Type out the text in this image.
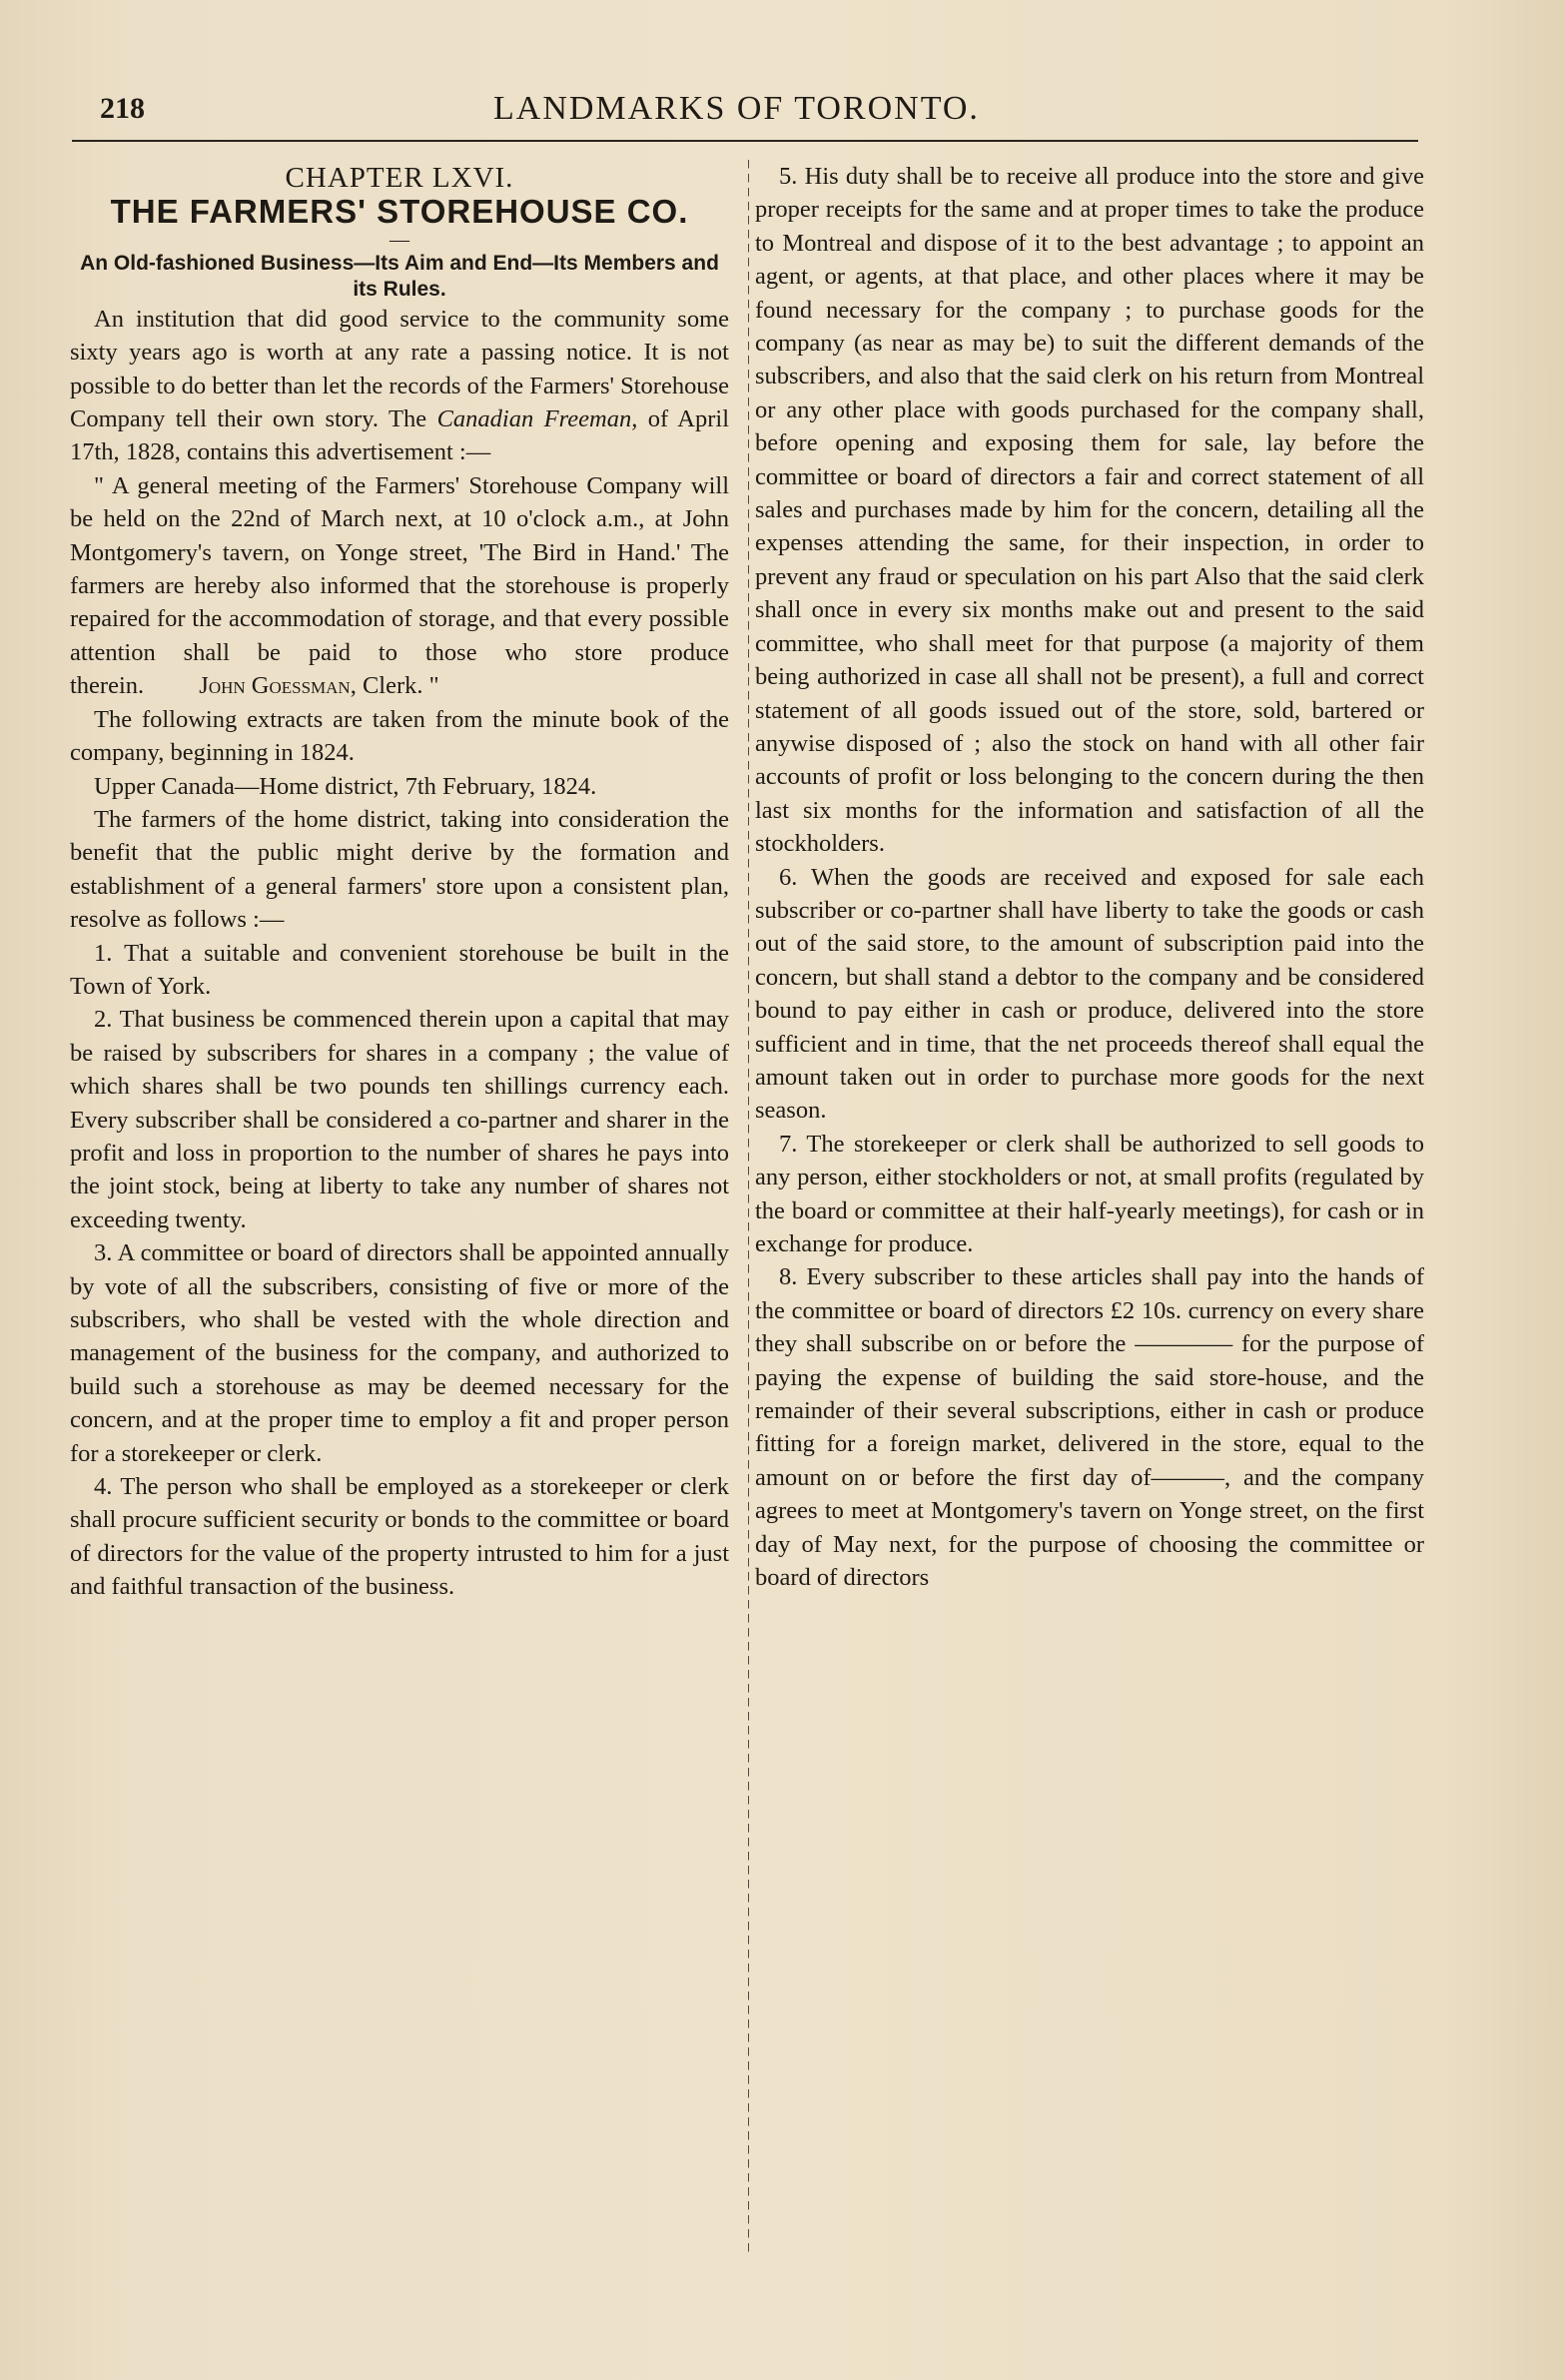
218	LANDMARKS OF TORONTO.

CHAPTER LXVI.

THE FARMERS' STOREHOUSE CO.

—

An Old-fashioned Business—Its Aim and End—Its Members and its Rules.

An institution that did good service to the community some sixty years ago is worth at any rate a passing notice. It is not possible to do better than let the records of the Farmers' Storehouse Company tell their own story. The Canadian Freeman, of April 17th, 1828, contains this advertisement :—

" A general meeting of the Farmers' Storehouse Company will be held on the 22nd of March next, at 10 o'clock a.m., at John Montgomery's tavern, on Yonge street, 'The Bird in Hand.' The farmers are hereby also informed that the storehouse is properly repaired for the accommodation of storage, and that every possible attention shall be paid to those who store produce therein. John Goessman, Clerk. "

The following extracts are taken from the minute book of the company, beginning in 1824.

Upper Canada—Home district, 7th February, 1824.

The farmers of the home district, taking into consideration the benefit that the public might derive by the formation and establishment of a general farmers' store upon a consistent plan, resolve as follows :—

1. That a suitable and convenient storehouse be built in the Town of York.

2. That business be commenced therein upon a capital that may be raised by subscribers for shares in a company ; the value of which shares shall be two pounds ten shillings currency each. Every subscriber shall be considered a co-partner and sharer in the profit and loss in proportion to the number of shares he pays into the joint stock, being at liberty to take any number of shares not exceeding twenty.

3. A committee or board of directors shall be appointed annually by vote of all the subscribers, consisting of five or more of the subscribers, who shall be vested with the whole direction and management of the business for the company, and authorized to build such a storehouse as may be deemed necessary for the concern, and at the proper time to employ a fit and proper person for a storekeeper or clerk.

4. The person who shall be employed as a storekeeper or clerk shall procure sufficient security or bonds to the committee or board of directors for the value of the property intrusted to him for a just and faithful transaction of the business.

5. His duty shall be to receive all produce into the store and give proper receipts for the same and at proper times to take the produce to Montreal and dispose of it to the best advantage ; to appoint an agent, or agents, at that place, and other places where it may be found necessary for the company ; to purchase goods for the company (as near as may be) to suit the different demands of the subscribers, and also that the said clerk on his return from Montreal or any other place with goods purchased for the company shall, before opening and exposing them for sale, lay before the committee or board of directors a fair and correct statement of all sales and purchases made by him for the concern, detailing all the expenses attending the same, for their inspection, in order to prevent any fraud or speculation on his part Also that the said clerk shall once in every six months make out and present to the said committee, who shall meet for that purpose (a majority of them being authorized in case all shall not be present), a full and correct statement of all goods issued out of the store, sold, bartered or anywise disposed of ; also the stock on hand with all other fair accounts of profit or loss belonging to the concern during the then last six months for the information and satisfaction of all the stockholders.

6. When the goods are received and exposed for sale each subscriber or co-partner shall have liberty to take the goods or cash out of the said store, to the amount of subscription paid into the concern, but shall stand a debtor to the company and be considered bound to pay either in cash or produce, delivered into the store sufficient and in time, that the net proceeds thereof shall equal the amount taken out in order to purchase more goods for the next season.

7. The storekeeper or clerk shall be authorized to sell goods to any person, either stockholders or not, at small profits (regulated by the board or committee at their half-yearly meetings), for cash or in exchange for produce.

8. Every subscriber to these articles shall pay into the hands of the committee or board of directors £2 10s. currency on every share they shall subscribe on or before the ———— for the purpose of paying the expense of building the said store-house, and the remainder of their several subscriptions, either in cash or produce fitting for a foreign market, delivered in the store, equal to the amount on or before the first day of———, and the company agrees to meet at Montgomery's tavern on Yonge street, on the first day of May next, for the purpose of choosing the committee or board of directors
